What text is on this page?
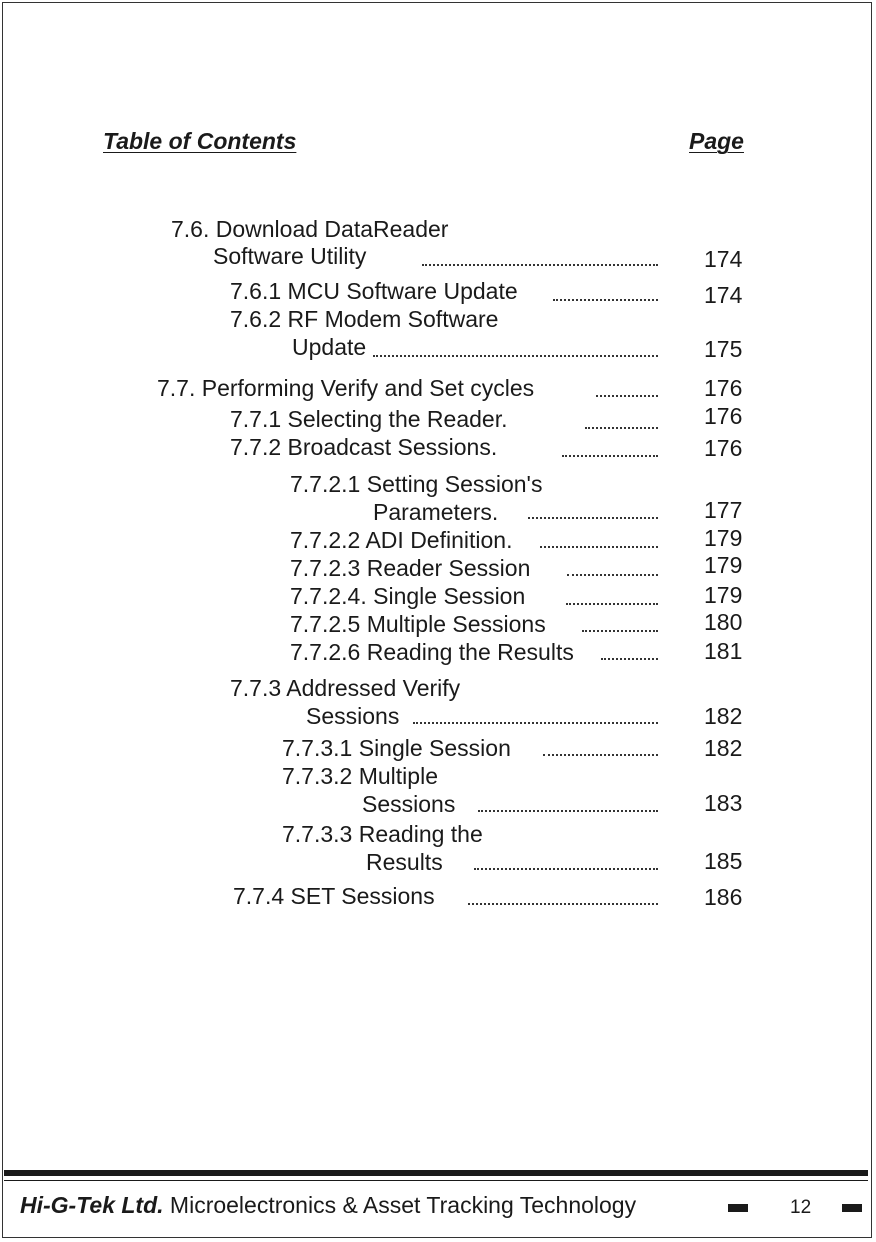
Table of Contents	Page
7.6. Download DataReader
Software Utility	174
7.6.1 MCU Software Update	174
7.6.2 RF Modem Software
Update	175
7.7. Performing Verify and Set cycles	176
7.7.1 Selecting the Reader.	176
7.7.2 Broadcast Sessions.	176
7.7.2.1 Setting Session's
Parameters.	177
7.7.2.2 ADI Definition.	179
7.7.2.3 Reader Session	179
7.7.2.4. Single Session	179
7.7.2.5 Multiple Sessions	180
7.7.2.6 Reading the Results	181
7.7.3 Addressed Verify
Sessions	182
7.7.3.1 Single Session	182
7.7.3.2 Multiple
Sessions	183
7.7.3.3 Reading the
Results	185
7.7.4 SET Sessions	186
Hi-G-Tek Ltd. Microelectronics & Asset Tracking Technology	12
